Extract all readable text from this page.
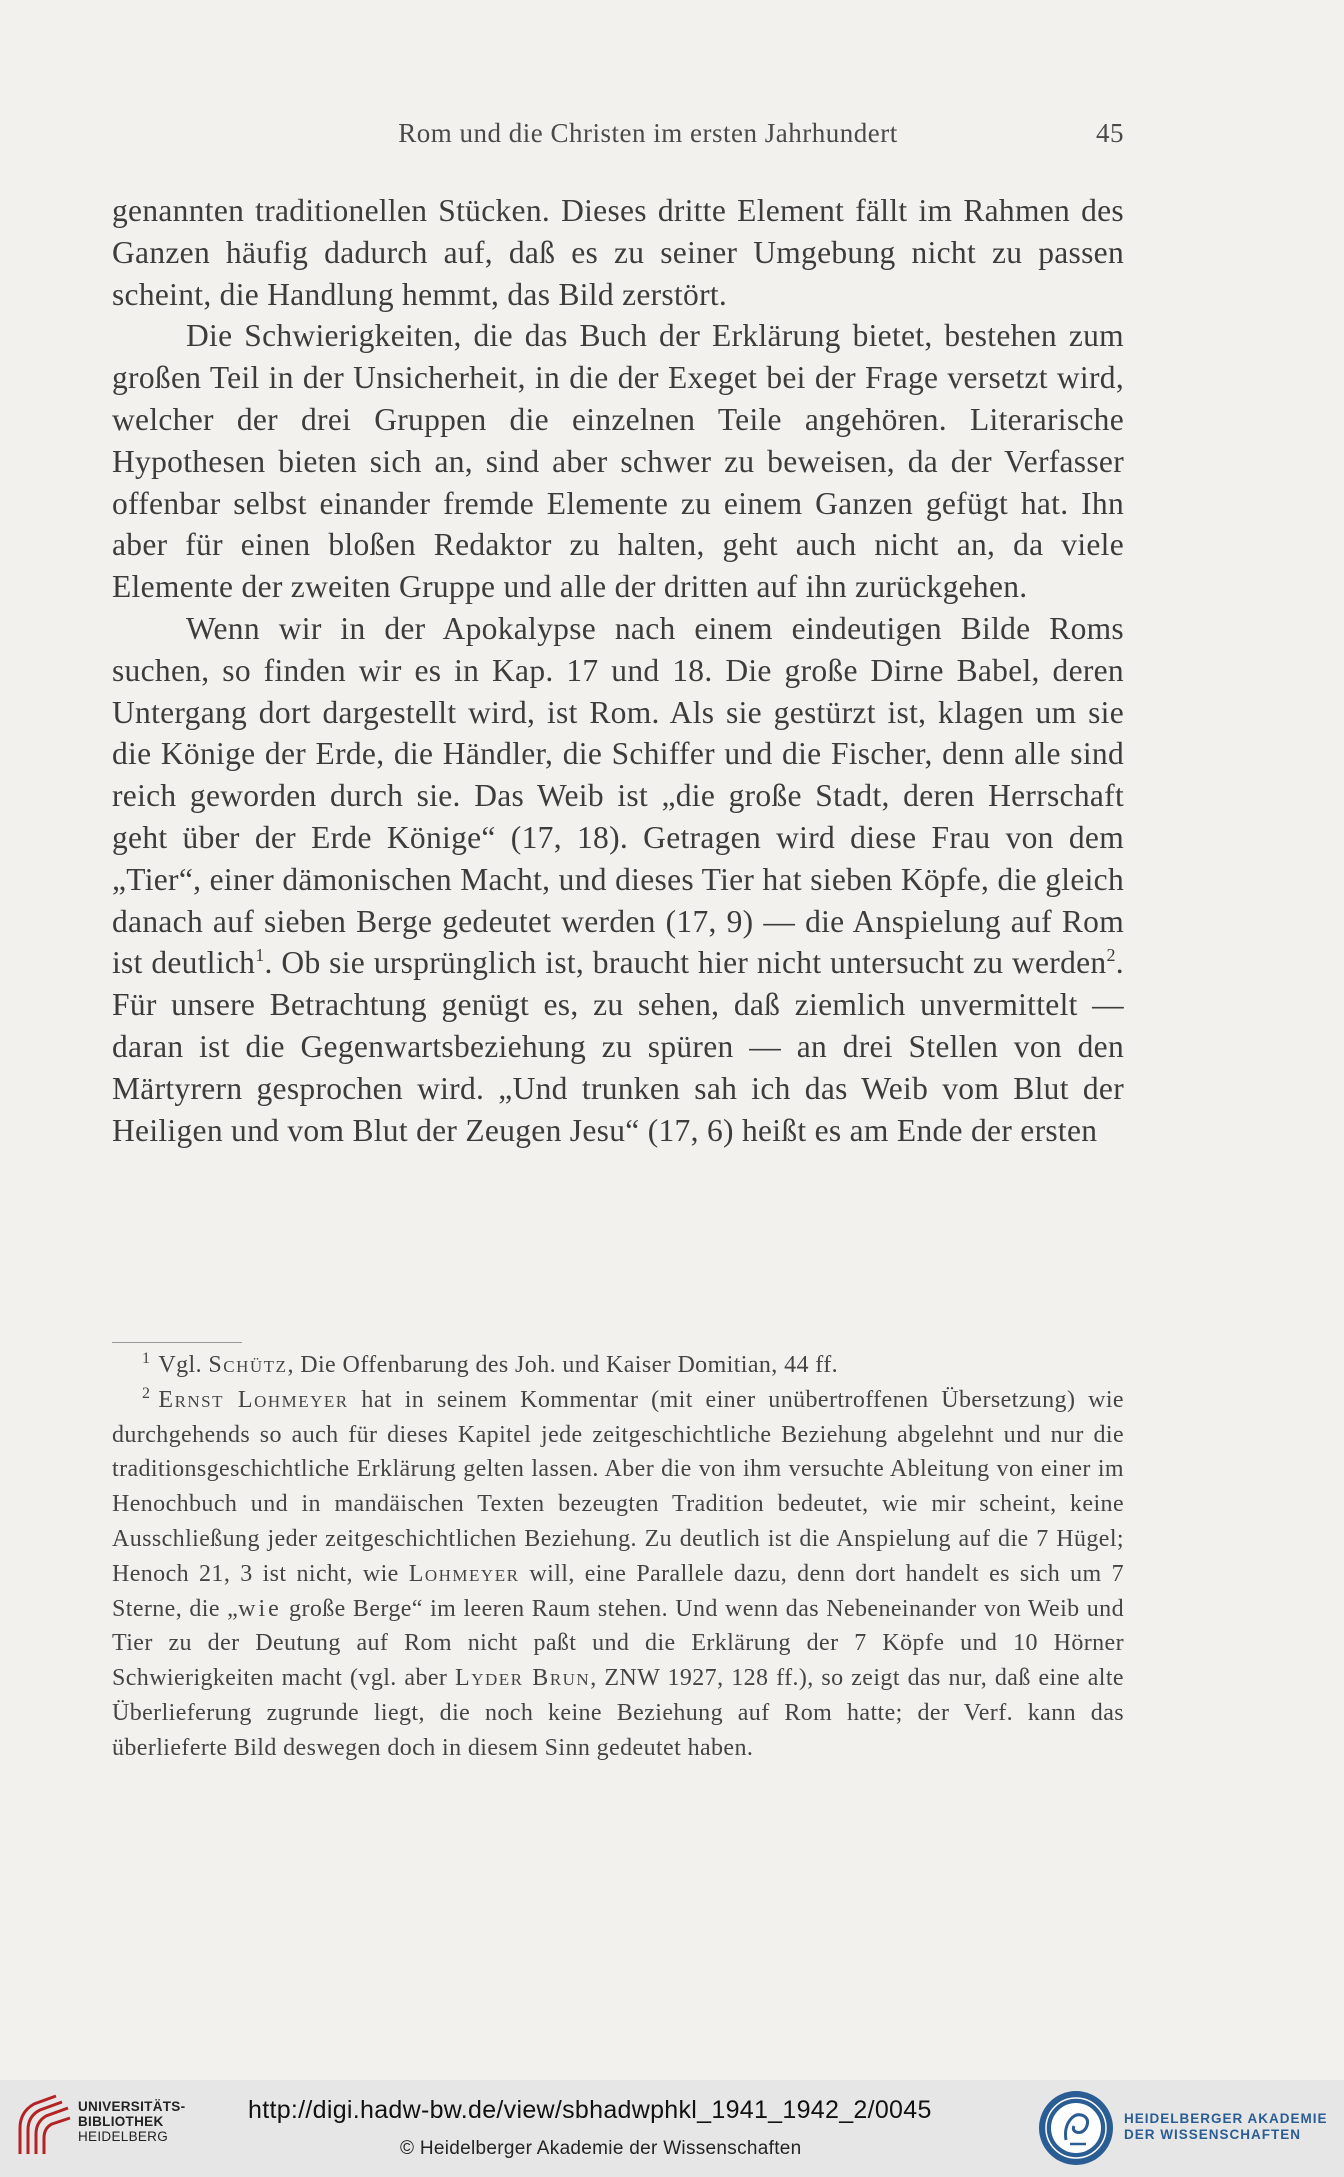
Rom und die Christen im ersten Jahrhundert	45

genannten traditionellen Stücken. Dieses dritte Element fällt im Rahmen des Ganzen häufig dadurch auf, daß es zu seiner Umgebung nicht zu passen scheint, die Handlung hemmt, das Bild zerstört.

Die Schwierigkeiten, die das Buch der Erklärung bietet, bestehen zum großen Teil in der Unsicherheit, in die der Exeget bei der Frage versetzt wird, welcher der drei Gruppen die einzelnen Teile angehören. Literarische Hypothesen bieten sich an, sind aber schwer zu beweisen, da der Verfasser offenbar selbst einander fremde Elemente zu einem Ganzen gefügt hat. Ihn aber für einen bloßen Redaktor zu halten, geht auch nicht an, da viele Elemente der zweiten Gruppe und alle der dritten auf ihn zurückgehen.

Wenn wir in der Apokalypse nach einem eindeutigen Bilde Roms suchen, so finden wir es in Kap. 17 und 18. Die große Dirne Babel, deren Untergang dort dargestellt wird, ist Rom. Als sie gestürzt ist, klagen um sie die Könige der Erde, die Händler, die Schiffer und die Fischer, denn alle sind reich geworden durch sie. Das Weib ist „die große Stadt, deren Herrschaft geht über der Erde Könige“ (17, 18). Getragen wird diese Frau von dem „Tier“, einer dämonischen Macht, und dieses Tier hat sieben Köpfe, die gleich danach auf sieben Berge gedeutet werden (17, 9) — die Anspielung auf Rom ist deutlich$^1$. Ob sie ursprünglich ist, braucht hier nicht untersucht zu werden$^2$. Für unsere Betrachtung genügt es, zu sehen, daß ziemlich unvermittelt — daran ist die Gegenwartsbeziehung zu spüren — an drei Stellen von den Märtyrern gesprochen wird. „Und trunken sah ich das Weib vom Blut der Heiligen und vom Blut der Zeugen Jesu“ (17, 6) heißt es am Ende der ersten

$^1$ Vgl. Schütz, Die Offenbarung des Joh. und Kaiser Domitian, 44 ff.

$^2$ Ernst Lohmeyer hat in seinem Kommentar (mit einer unübertroffenen Übersetzung) wie durchgehends so auch für dieses Kapitel jede zeitgeschichtliche Beziehung abgelehnt und nur die traditionsgeschichtliche Erklärung gelten lassen. Aber die von ihm versuchte Ableitung von einer im Henochbuch und in mandäischen Texten bezeugten Tradition bedeutet, wie mir scheint, keine Ausschließung jeder zeitgeschichtlichen Beziehung. Zu deutlich ist die Anspielung auf die 7 Hügel; Henoch 21, 3 ist nicht, wie Lohmeyer will, eine Parallele dazu, denn dort handelt es sich um 7 Sterne, die „wie große Berge“ im leeren Raum stehen. Und wenn das Nebeneinander von Weib und Tier zu der Deutung auf Rom nicht paßt und die Erklärung der 7 Köpfe und 10 Hörner Schwierigkeiten macht (vgl. aber Lyder Brun, ZNW 1927, 128 ff.), so zeigt das nur, daß eine alte Überlieferung zugrunde liegt, die noch keine Beziehung auf Rom hatte; der Verf. kann das überlieferte Bild deswegen doch in diesem Sinn gedeutet haben.

UNIVERSITÄTS-
BIBLIOTHEK
HEIDELBERG
http://digi.hadw-bw.de/view/sbhadwphkl_1941_1942_2/0045
© Heidelberger Akademie der Wissenschaften
HEIDELBERGER AKADEMIE
DER WISSENSCHAFTEN
